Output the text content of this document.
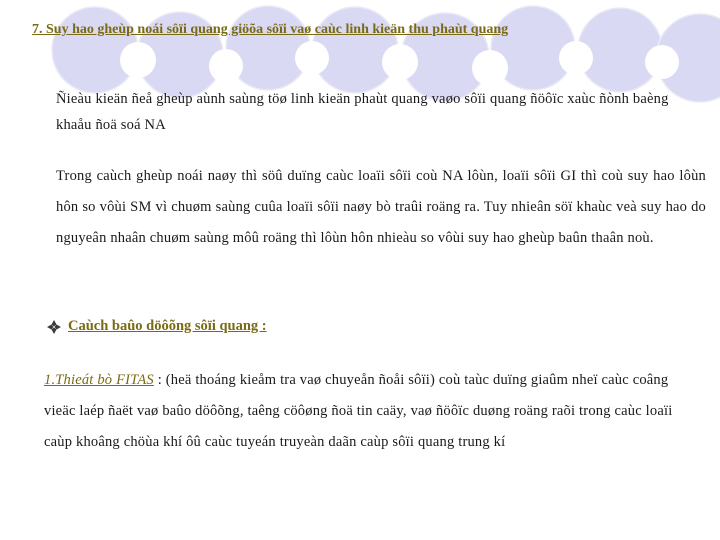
7. Suy hao gheùp noái sôïi quang giöõa sôïi vaø caùc linh kieän thu phaùt quang
Ñieàu kieän ñeå gheùp aùnh saùng töø linh kieän phaùt quang vaøo sôïi quang ñöôïc xaùc ñònh baèng khaåu ñoä soá NA
Trong caùch gheùp noái naøy thì söû duïng caùc loaïi sôïi coù NA lôùn, loaïi sôïi GI thì coù suy hao lôùn hôn so vôùi SM vì chuøm saùng cuûa loaïi sôïi naøy bò traûi roäng ra. Tuy nhieân söï khaùc veà suy hao do nguyeân nhaân chuøm saùng môû roäng thì lôùn hôn nhieàu so vôùi suy hao gheùp baûn thaân noù.
Caùch baûo döôõng sôïi quang :
1.Thieát bò FITAS : (heä thoáng kieåm tra vaø chuyeån ñoåi sôïi) coù taùc duïng giaûm nheï caùc coâng vieäc laép ñaët vaø baûo döôõng, taêng cöôøng ñoä tin caäy, vaø ñöôïc duøng roäng raõi trong caùc loaïi caùp khoâng chöùa khí ôû caùc tuyeán truyeàn daãn caùp sôïi quang trung kí
